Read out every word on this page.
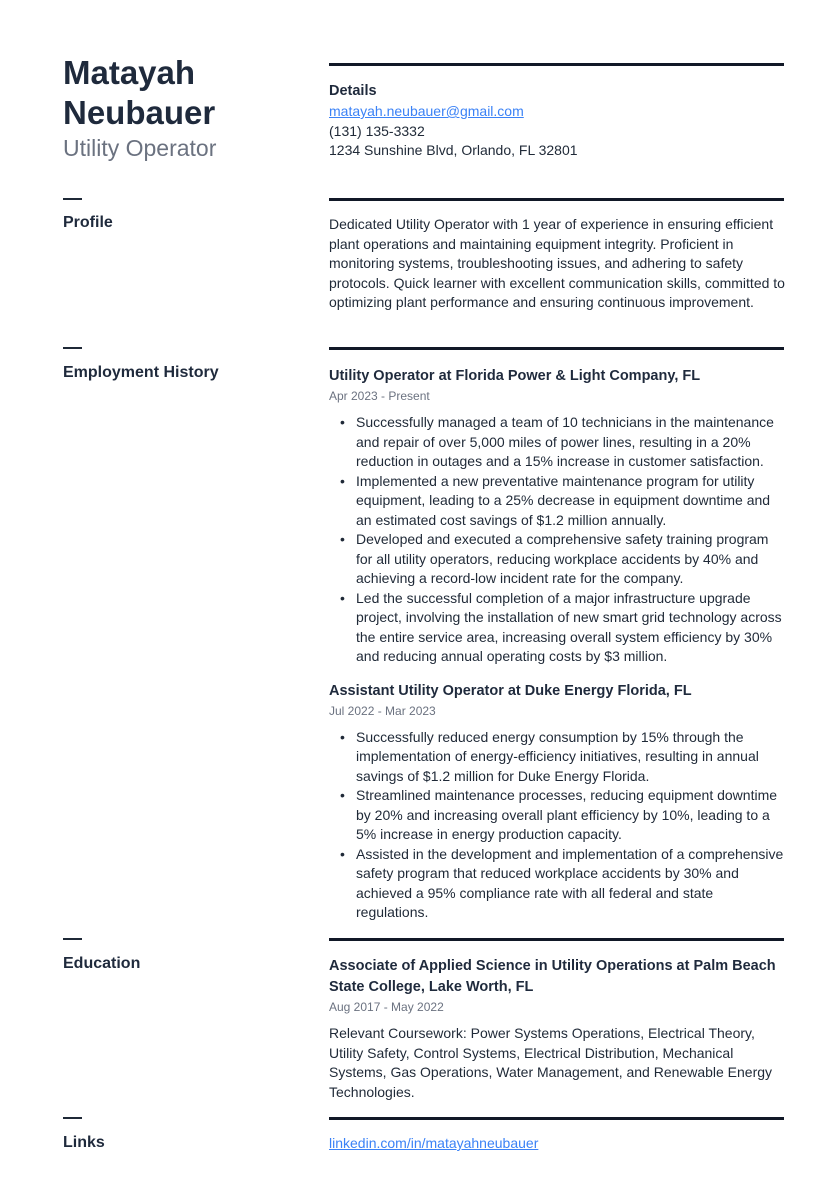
Matayah Neubauer
Utility Operator
Details
matayah.neubauer@gmail.com
(131) 135-3332
1234 Sunshine Blvd, Orlando, FL 32801
Profile	Dedicated Utility Operator with 1 year of experience in ensuring efficient plant operations and maintaining equipment integrity. Proficient in monitoring systems, troubleshooting issues, and adhering to safety protocols. Quick learner with excellent communication skills, committed to optimizing plant performance and ensuring continuous improvement.
Employment History	Utility Operator at Florida Power & Light Company, FL
Apr 2023 - Present
• Successfully managed a team of 10 technicians in the maintenance and repair of over 5,000 miles of power lines, resulting in a 20% reduction in outages and a 15% increase in customer satisfaction.
• Implemented a new preventative maintenance program for utility equipment, leading to a 25% decrease in equipment downtime and an estimated cost savings of $1.2 million annually.
• Developed and executed a comprehensive safety training program for all utility operators, reducing workplace accidents by 40% and achieving a record-low incident rate for the company.
• Led the successful completion of a major infrastructure upgrade project, involving the installation of new smart grid technology across the entire service area, increasing overall system efficiency by 30% and reducing annual operating costs by $3 million.
Assistant Utility Operator at Duke Energy Florida, FL
Jul 2022 - Mar 2023
• Successfully reduced energy consumption by 15% through the implementation of energy-efficiency initiatives, resulting in annual savings of $1.2 million for Duke Energy Florida.
• Streamlined maintenance processes, reducing equipment downtime by 20% and increasing overall plant efficiency by 10%, leading to a 5% increase in energy production capacity.
• Assisted in the development and implementation of a comprehensive safety program that reduced workplace accidents by 30% and achieved a 95% compliance rate with all federal and state regulations.
Education	Associate of Applied Science in Utility Operations at Palm Beach State College, Lake Worth, FL
Aug 2017 - May 2022
Relevant Coursework: Power Systems Operations, Electrical Theory, Utility Safety, Control Systems, Electrical Distribution, Mechanical Systems, Gas Operations, Water Management, and Renewable Energy Technologies.
Links	linkedin.com/in/matayahneubauer
